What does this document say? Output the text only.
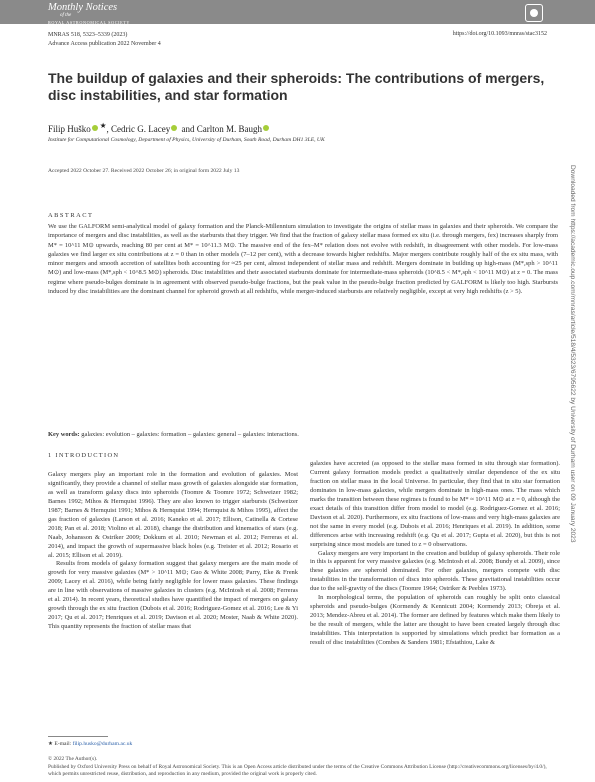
Monthly Notices
of the
ROYAL ASTRONOMICAL SOCIETY
MNRAS 518, 5323–5339 (2023)
Advance Access publication 2022 November 4
https://doi.org/10.1093/mnras/stac3152
The buildup of galaxies and their spheroids: The contributions of mergers, disc instabilities, and star formation
Filip Huško ★, Cedric G. Lacey and Carlton M. Baugh
Institute for Computational Cosmology, Department of Physics, University of Durham, South Road, Durham DH1 3LE, UK
Accepted 2022 October 27. Received 2022 October 26; in original form 2022 July 13
ABSTRACT
We use the GALFORM semi-analytical model of galaxy formation and the Planck-Millennium simulation to investigate the origins of stellar mass in galaxies and their spheroids. We compare the importance of mergers and disc instabilities, as well as the starbursts that they trigger. We find that the fraction of galaxy stellar mass formed ex situ (i.e. through mergers, fex) increases sharply from M* = 10^11 M⊙ upwards, reaching 80 per cent at M* = 10^11.3 M⊙. The massive end of the fex–M* relation does not evolve with redshift, in disagreement with other models. For low-mass galaxies we find larger ex situ contributions at z = 0 than in other models (7–12 per cent), with a decrease towards higher redshifts. Major mergers contribute roughly half of the ex situ mass, with minor mergers and smooth accretion of satellites both accounting for ≈25 per cent, almost independent of stellar mass and redshift. Mergers dominate in building up high-mass (M*,sph > 10^11 M⊙) and low-mass (M*,sph < 10^8.5 M⊙) spheroids. Disc instabilities and their associated starbursts dominate for intermediate-mass spheroids (10^8.5 < M*,sph < 10^11 M⊙) at z = 0. The mass regime where pseudo-bulges dominate is in agreement with observed pseudo-bulge fractions, but the peak value in the pseudo-bulge fraction predicted by GALFORM is likely too high. Starbursts induced by disc instabilities are the dominant channel for spheroid growth at all redshifts, while merger-induced starbursts are relatively negligible, except at very high redshifts (z > 5).
Key words: galaxies: evolution – galaxies: formation – galaxies: general – galaxies: interactions.
1 INTRODUCTION

Galaxy mergers play an important role in the formation and evolution of galaxies. Most significantly, they provide a channel of stellar mass growth of galaxies alongside star formation, as well as transform galaxy discs into spheroids (Toomre & Toomre 1972; Schweizer 1982; Barnes 1992; Mihos & Hernquist 1996). They are also known to trigger starbursts (Schweizer 1987; Barnes & Hernquist 1991; Mihos & Hernquist 1994; Hernquist & Mihos 1995), affect the gas fraction of galaxies (Larson et al. 2016; Kaneko et al. 2017; Ellison, Catinella & Cortese 2018; Pan et al. 2018; Violino et al. 2018), change the distribution and kinematics of stars (e.g. Naab, Johansson & Ostriker 2009; Dokkum et al. 2010; Newman et al. 2012; Ferreras et al. 2014), and impact the growth of supermassive black holes (e.g. Treister et al. 2012; Rosario et al. 2015; Ellison et al. 2019).

Results from models of galaxy formation suggest that galaxy mergers are the main mode of growth for very massive galaxies (M* > 10^11 M⊙; Guo & White 2008; Parry, Eke & Frenk 2009; Lacey et al. 2016), while being fairly negligible for lower mass galaxies. These findings are in line with observations of massive galaxies in clusters (e.g. McIntosh et al. 2008; Ferreras et al. 2014). In recent years, theoretical studies have quantified the impact of mergers on galaxy growth through the ex situ fraction (Dubois et al. 2016; Rodriguez-Gomez et al. 2016; Lee & Yi 2017; Qu et al. 2017; Henriques et al. 2019; Davison et al. 2020; Moster, Naab & White 2020). This quantity represents the fraction of stellar mass that

galaxies have accreted (as opposed to the stellar mass formed in situ through star formation). Current galaxy formation models predict a qualitatively similar dependence of the ex situ fraction on stellar mass in the local Universe. In particular, they find that in situ star formation dominates in low-mass galaxies, while mergers dominate in high-mass ones. The mass which marks the transition between these regimes is found to be M* ≈ 10^11 M⊙ at z = 0, although the exact details of this transition differ from model to model (e.g. Rodriguez-Gomez et al. 2016; Davison et al. 2020). Furthermore, ex situ fractions of low-mass and very high-mass galaxies are not the same in every model (e.g. Dubois et al. 2016; Henriques et al. 2019). In addition, some differences arise with increasing redshift (e.g. Qu et al. 2017; Gupta et al. 2020), but this is not surprising since most models are tuned to z = 0 observations.

Galaxy mergers are very important in the creation and buildup of galaxy spheroids. Their role in this is apparent for very massive galaxies (e.g. McIntosh et al. 2008; Bundy et al. 2009), since these galaxies are spheroid dominated. For other galaxies, mergers compete with disc instabilities in the transformation of discs into spheroids. These gravitational instabilities occur due to the self-gravity of the discs (Toomre 1964; Ostriker & Peebles 1973).

In morphological terms, the population of spheroids can roughly be split onto classical spheroids and pseudo-bulges (Kormendy & Kennicutt 2004; Kormendy 2013; Obreja et al. 2013; Mendez-Abreu et al. 2014). The former are defined by features which make them likely to be the result of mergers, while the latter are thought to have been created largely through disc instabilities. This interpretation is supported by simulations which predict bar formation as a result of disc instabilities (Combes & Sanders 1981; Efstathiou, Lake &

★ E-mail: filip.husko@durham.ac.uk
© 2022 The Author(s).
Published by Oxford University Press on behalf of Royal Astronomical Society. This is an Open Access article distributed under the terms of the Creative Commons Attribution License (http://creativecommons.org/licenses/by/4.0/), which permits unrestricted reuse, distribution, and reproduction in any medium, provided the original work is properly cited.
Downloaded from https://academic.oup.com/mnras/article/518/4/5323/6795622 by University of Durham user on 09 January 2023
